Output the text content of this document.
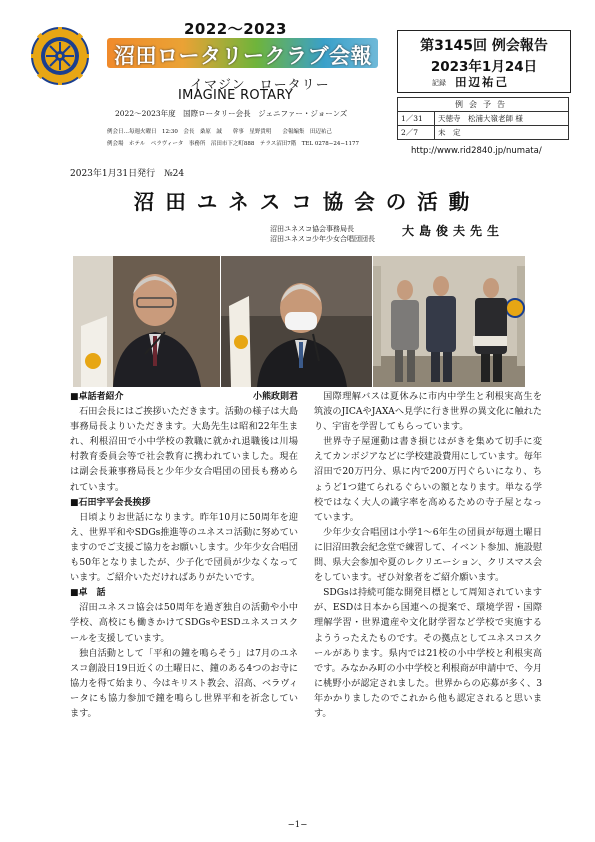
2022～2023
沼田ロータリークラブ会報
イマジン　ロータリー
IMAGINE ROTARY
2022～2023年度　国際ロータリー会長　ジェニファー・ジョーンズ
例会日…毎週火曜日　12:30　会長　桑原　誠　　幹事　星野貴明　　会報編集　田辺祐己
例会場　ホテル　ベラヴィータ　事務所　沼田市下之町888　テラス沼田7階　TEL 0278−24−1177
第3145回 例会報告
2023年1月24日
記録 田辺祐己
例会予告	
1／31	天徳寺　松浦大嶺老師 様
2／7	未　定
http://www.rid2840.jp/numata/
2023年1月31日発行　№24
沼田ユネスコ協会の活動
沼田ユネスコ協会事務局長
沼田ユネスコ少年少女合唱団団長
大島俊夫先生
■卓話者紹介	小熊政則君

石田会長にはご挨拶いただきます。活動の様子は大島事務局長よりいただきます。大島先生は昭和22年生まれ、利根沼田で小中学校の教職に就かれ退職後は川場村教育委員会等で社会教育に携われていました。現在は副会長兼事務局長と少年少女合唱団の団長も務められています。

■石田宇平会長挨拶

日頃よりお世話になります。昨年10月に50周年を迎え、世界平和やSDGs推進等のユネスコ活動に努めていますのでご支援ご協力をお願いします。少年少女合唱団も50年となりましたが、少子化で団員が少なくなっています。ご紹介いただければありがたいです。

■卓　話

沼田ユネスコ協会は50周年を過ぎ独自の活動や小中学校、高校にも働きかけてSDGsやESDユネスコスクールを支援しています。

独自活動として「平和の鐘を鳴らそう」は7月のユネスコ創設日19日近くの土曜日に、鐘のある4つのお寺に協力を得て始まり、今はキリスト教会、沼高、ベラヴィータにも協力参加で鐘を鳴らし世界平和を祈念しています。

国際理解バスは夏休みに市内中学生と利根実高生を筑波のJICAやJAXAへ見学に行き世界の異文化に触れたり、宇宙を学習してもらっています。

世界寺子屋運動は書き損じはがきを集めて切手に変えてカンボジアなどに学校建設費用にしています。毎年沼田で20万円分、県に内で200万円ぐらいになり、ちょうど1つ建てられるぐらいの額となります。単なる学校ではなく大人の識字率を高めるための寺子屋となっています。

少年少女合唱団は小学1～6年生の団員が毎週土曜日に旧沼田教会紀念堂で練習して、イベント参加、施設慰問、県大会参加や夏のレクリエーション、クリスマス会をしています。ぜひ対象者をご紹介願います。

SDGsは持続可能な開発目標として周知されていますが、ESDは日本から国連への提案で、環境学習・国際理解学習・世界遺産や文化財学習など学校で実施するよううったえたものです。その拠点としてユネスコスクールがあります。県内では21校の小中学校と利根実高です。みなかみ町の小中学校と利根商が申請中で、今月に桃野小が認定されました。世界からの応募が多く、3年かかりましたのでこれから他も認定されると思います。

−1−
